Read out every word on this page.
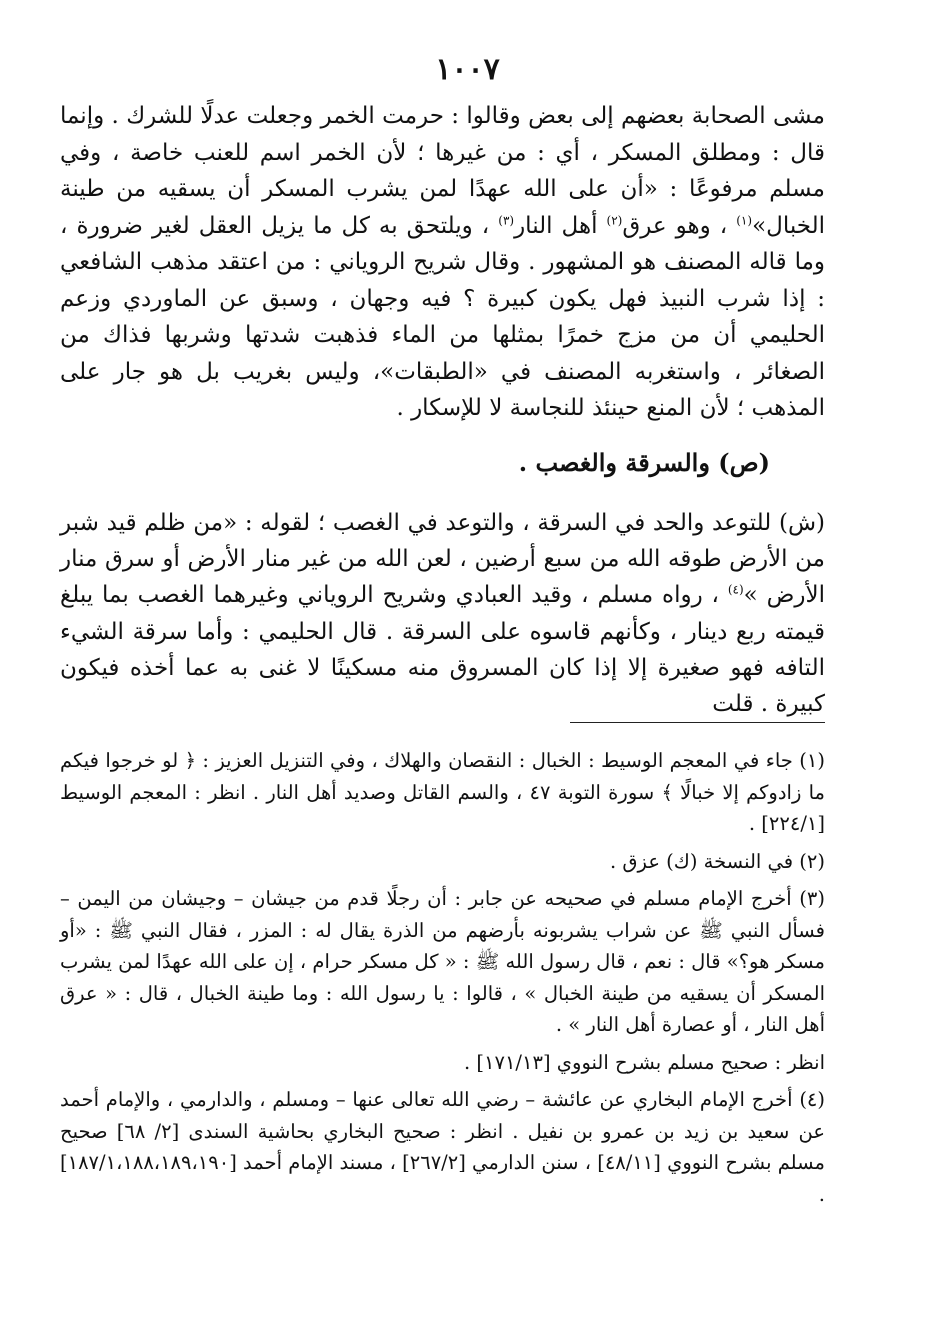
١٠٠٧

مشى الصحابة بعضهم إلى بعض وقالوا : حرمت الخمر وجعلت عدلًا للشرك . وإنما قال : ومطلق المسكر ، أي : من غيرها ؛ لأن الخمر اسم للعنب خاصة ، وفي مسلم مرفوعًا : «أن على الله عهدًا لمن يشرب المسكر أن يسقيه من طينة الخبال»$^{(١)}$ ، وهو عرق$^{(٢)}$ أهل النار$^{(٣)}$ ، ويلتحق به كل ما يزيل العقل لغير ضرورة ، وما قاله المصنف هو المشهور . وقال شريح الروياني : من اعتقد مذهب الشافعي : إذا شرب النبيذ فهل يكون كبيرة ؟ فيه وجهان ، وسبق عن الماوردي وزعم الحليمي أن من مزج خمرًا بمثلها من الماء فذهبت شدتها وشربها فذاك من الصغائر ، واستغربه المصنف في «الطبقات»، وليس بغريب بل هو جار على المذهب ؛ لأن المنع حينئذ للنجاسة لا للإسكار .

(ص) والسرقة والغصب .

(ش) للتوعد والحد في السرقة ، والتوعد في الغصب ؛ لقوله : «من ظلم قيد شبر من الأرض طوقه الله من سبع أرضين ، لعن الله من غير منار الأرض أو سرق منار الأرض »$^{(٤)}$ ، رواه مسلم ، وقيد العبادي وشريح الروياني وغيرهما الغصب بما يبلغ قيمته ربع دينار ، وكأنهم قاسوه على السرقة . قال الحليمي : وأما سرقة الشيء التافه فهو صغيرة إلا إذا كان المسروق منه مسكينًا لا غنى به عما أخذه فيكون كبيرة . قلت

(١) جاء في المعجم الوسيط : الخبال : النقصان والهلاك ، وفي التنزيل العزيز : ﴿ لو خرجوا فيكم ما زادوكم إلا خبالًا ﴾ سورة التوبة ٤٧ ، والسم القاتل وصديد أهل النار . انظر : المعجم الوسيط [٢٢٤/١] .

(٢) في النسخة (ك) عزق .

(٣) أخرج الإمام مسلم في صحيحه عن جابر : أن رجلًا قدم من جيشان – وجيشان من اليمن – فسأل النبي ﷺ عن شراب يشربونه بأرضهم من الذرة يقال له : المزر ، فقال النبي ﷺ : «أو مسكر هو؟» قال : نعم ، قال رسول الله ﷺ : « كل مسكر حرام ، إن على الله عهدًا لمن يشرب المسكر أن يسقيه من طينة الخبال » ، قالوا : يا رسول الله : وما طينة الخبال ، قال : « عرق أهل النار ، أو عصارة أهل النار » .

انظر : صحيح مسلم بشرح النووي [١٧١/١٣] .

(٤) أخرج الإمام البخاري عن عائشة – رضي الله تعالى عنها – ومسلم ، والدارمي ، والإمام أحمد عن سعيد بن زيد بن عمرو بن نفيل . انظر : صحيح البخاري بحاشية السندى [٢/ ٦٨] صحيح مسلم بشرح النووي [٤٨/١١] ، سنن الدارمي [٢٦٧/٢] ، مسند الإمام أحمد [١٨٧/١،١٨٨،١٨٩،١٩٠] .
